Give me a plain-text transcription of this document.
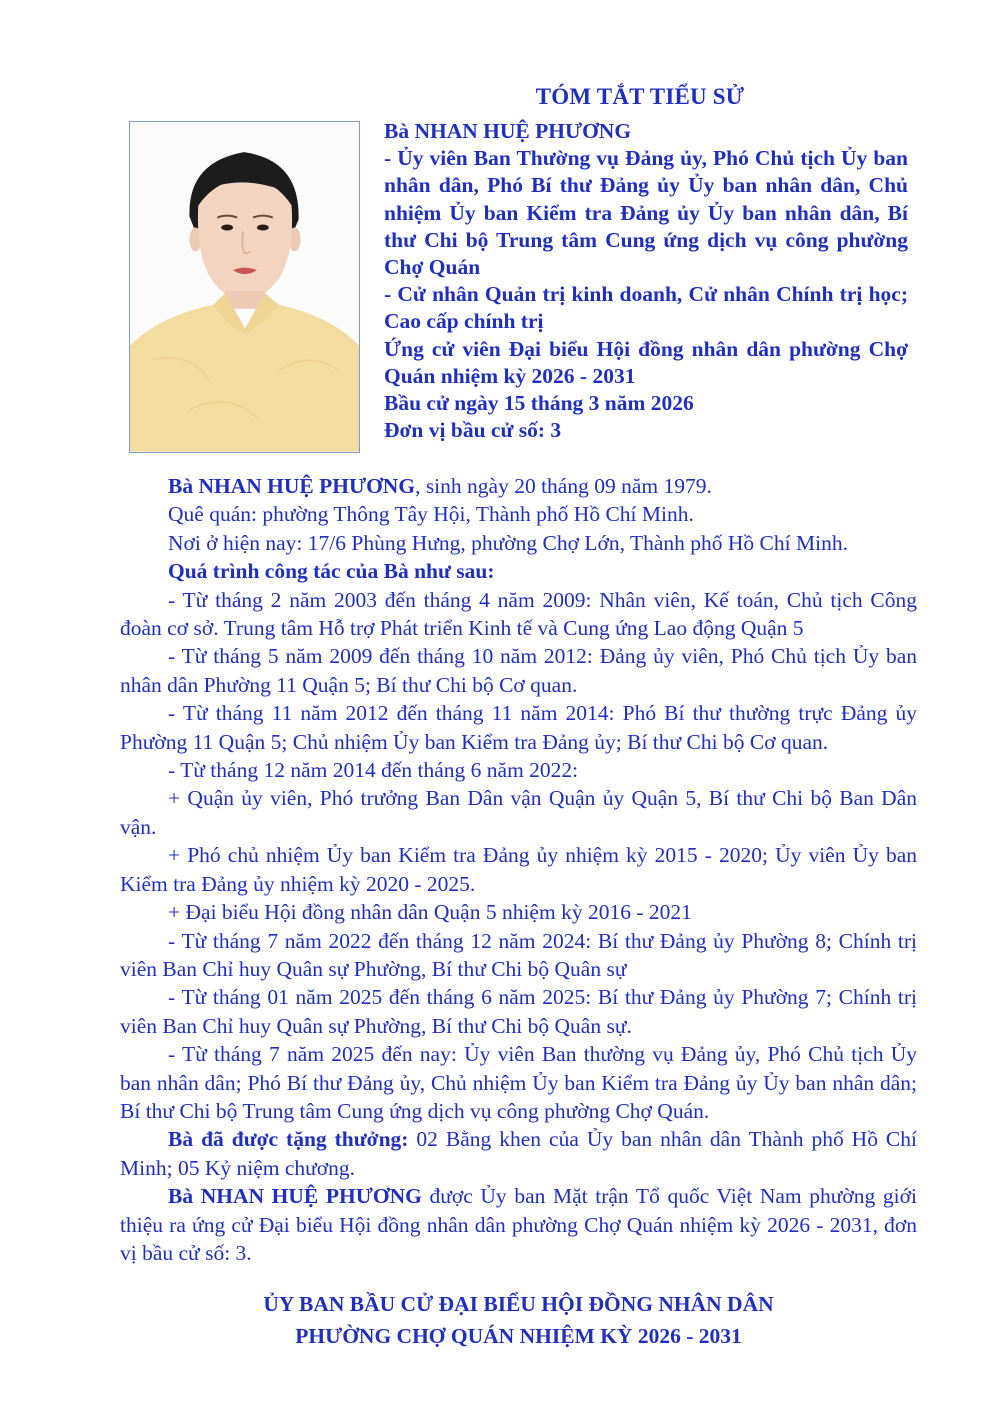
TÓM TẮT TIỂU SỬ

Bà NHAN HUỆ PHƯƠNG

- Ủy viên Ban Thường vụ Đảng ủy, Phó Chủ tịch Ủy ban nhân dân, Phó Bí thư Đảng ủy Ủy ban nhân dân, Chủ nhiệm Ủy ban Kiểm tra Đảng ủy Ủy ban nhân dân, Bí thư Chi bộ Trung tâm Cung ứng dịch vụ công phường Chợ Quán

- Cử nhân Quản trị kinh doanh, Cử nhân Chính trị học; Cao cấp chính trị

Ứng cử viên Đại biểu Hội đồng nhân dân phường Chợ Quán nhiệm kỳ 2026 - 2031

Bầu cử ngày 15 tháng 3 năm 2026

Đơn vị bầu cử số: 3

Bà NHAN HUỆ PHƯƠNG, sinh ngày 20 tháng 09 năm 1979.

Quê quán: phường Thông Tây Hội, Thành phố Hồ Chí Minh.

Nơi ở hiện nay: 17/6 Phùng Hưng, phường Chợ Lớn, Thành phố Hồ Chí Minh.

Quá trình công tác của Bà như sau:

- Từ tháng 2 năm 2003 đến tháng 4 năm 2009: Nhân viên, Kế toán, Chủ tịch Công đoàn cơ sở. Trung tâm Hỗ trợ Phát triển Kinh tế và Cung ứng Lao động Quận 5

- Từ tháng 5 năm 2009 đến tháng 10 năm 2012: Đảng ủy viên, Phó Chủ tịch Ủy ban nhân dân Phường 11 Quận 5; Bí thư Chi bộ Cơ quan.

- Từ tháng 11 năm 2012 đến tháng 11 năm 2014: Phó Bí thư thường trực Đảng ủy Phường 11 Quận 5; Chủ nhiệm Ủy ban Kiểm tra Đảng ủy; Bí thư Chi bộ Cơ quan.

- Từ tháng 12 năm 2014 đến tháng 6 năm 2022:

+ Quận ủy viên, Phó trưởng Ban Dân vận Quận ủy Quận 5, Bí thư Chi bộ Ban Dân vận.

+ Phó chủ nhiệm Ủy ban Kiểm tra Đảng ủy nhiệm kỳ 2015 - 2020; Ủy viên Ủy ban Kiểm tra Đảng ủy nhiệm kỳ 2020 - 2025.

+ Đại biểu Hội đồng nhân dân Quận 5 nhiệm kỳ 2016 - 2021

- Từ tháng 7 năm 2022 đến tháng 12 năm 2024: Bí thư Đảng ủy Phường 8; Chính trị viên Ban Chỉ huy Quân sự Phường, Bí thư Chi bộ Quân sự

- Từ tháng 01 năm 2025 đến tháng 6 năm 2025: Bí thư Đảng ủy Phường 7; Chính trị viên Ban Chỉ huy Quân sự Phường, Bí thư Chi bộ Quân sự.

- Từ tháng 7 năm 2025 đến nay: Ủy viên Ban thường vụ Đảng ủy, Phó Chủ tịch Ủy ban nhân dân; Phó Bí thư Đảng ủy, Chủ nhiệm Ủy ban Kiểm tra Đảng ủy Ủy ban nhân dân; Bí thư Chi bộ Trung tâm Cung ứng dịch vụ công phường Chợ Quán.

Bà đã được tặng thưởng: 02 Bằng khen của Ủy ban nhân dân Thành phố Hồ Chí Minh; 05 Kỷ niệm chương.

Bà NHAN HUỆ PHƯƠNG được Ủy ban Mặt trận Tổ quốc Việt Nam phường giới thiệu ra ứng cử Đại biểu Hội đồng nhân dân phường Chợ Quán nhiệm kỳ 2026 - 2031, đơn vị bầu cử số: 3.

ỦY BAN BẦU CỬ ĐẠI BIỂU HỘI ĐỒNG NHÂN DÂN
PHƯỜNG CHỢ QUÁN NHIỆM KỲ 2026 - 2031
